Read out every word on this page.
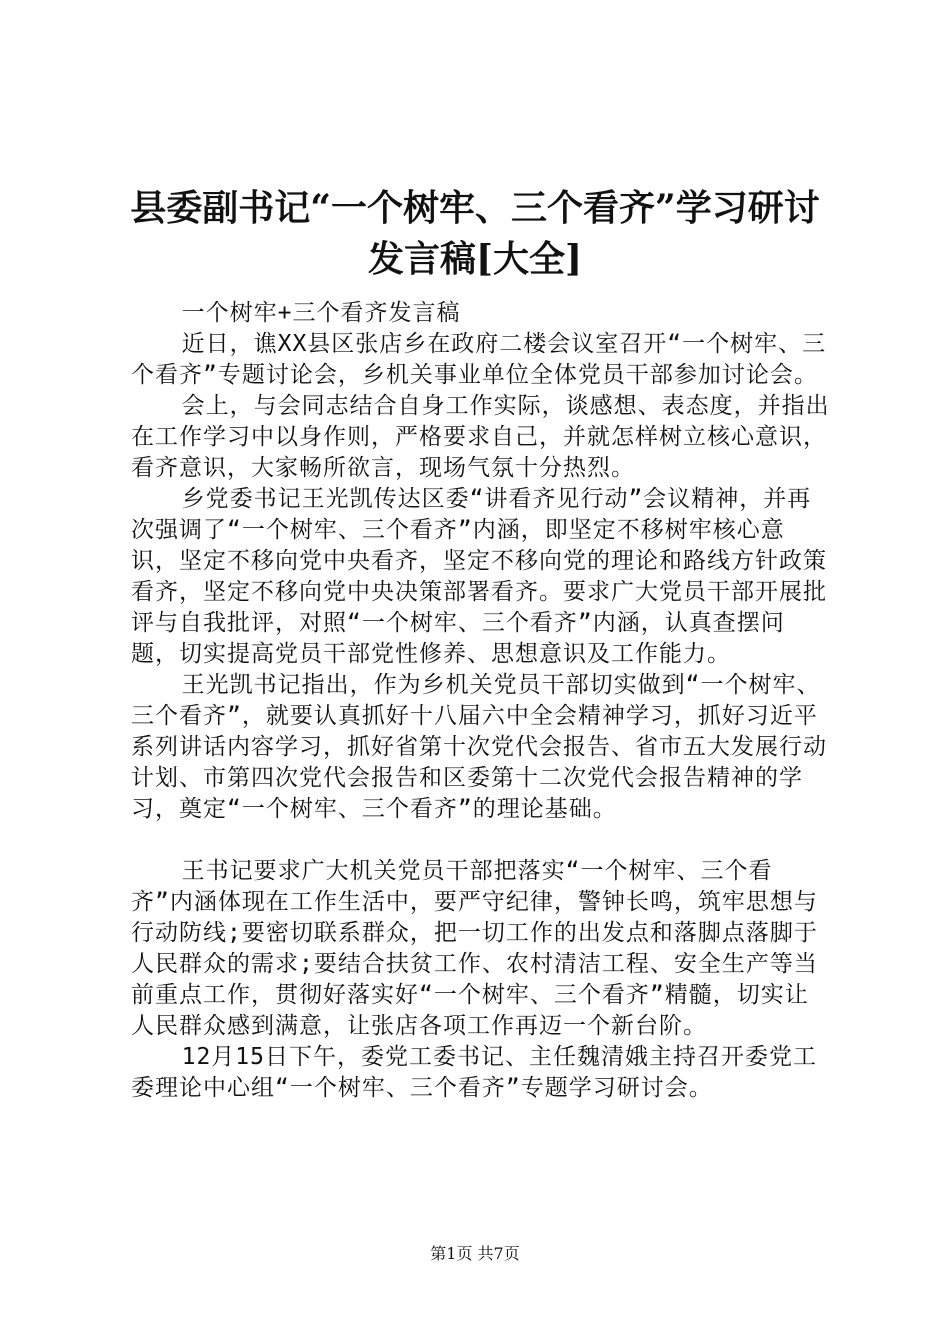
县委副书记“一个树牢、三个看齐”学习研讨
发言稿[大全]

一个树牢+三个看齐发言稿

近日，谯XX县区张店乡在政府二楼会议室召开“一个树牢、三个看齐”专题讨论会，乡机关事业单位全体党员干部参加讨论会。

会上，与会同志结合自身工作实际，谈感想、表态度，并指出在工作学习中以身作则，严格要求自己，并就怎样树立核心意识，看齐意识，大家畅所欲言，现场气氛十分热烈。

乡党委书记王光凯传达区委“讲看齐见行动”会议精神，并再次强调了“一个树牢、三个看齐”内涵，即坚定不移树牢核心意识，坚定不移向党中央看齐，坚定不移向党的理论和路线方针政策看齐，坚定不移向党中央决策部署看齐。要求广大党员干部开展批评与自我批评，对照“一个树牢、三个看齐”内涵，认真查摆问题，切实提高党员干部党性修养、思想意识及工作能力。

王光凯书记指出，作为乡机关党员干部切实做到“一个树牢、三个看齐”，就要认真抓好十八届六中全会精神学习，抓好习近平系列讲话内容学习，抓好省第十次党代会报告、省市五大发展行动计划、市第四次党代会报告和区委第十二次党代会报告精神的学习，奠定“一个树牢、三个看齐”的理论基础。

王书记要求广大机关党员干部把落实“一个树牢、三个看齐”内涵体现在工作生活中，要严守纪律，警钟长鸣，筑牢思想与行动防线;要密切联系群众，把一切工作的出发点和落脚点落脚于人民群众的需求;要结合扶贫工作、农村清洁工程、安全生产等当前重点工作，贯彻好落实好“一个树牢、三个看齐”精髓，切实让人民群众感到满意，让张店各项工作再迈一个新台阶。

12月15日下午，委党工委书记、主任魏清娥主持召开委党工委理论中心组“一个树牢、三个看齐”专题学习研讨会。

第1页 共7页
